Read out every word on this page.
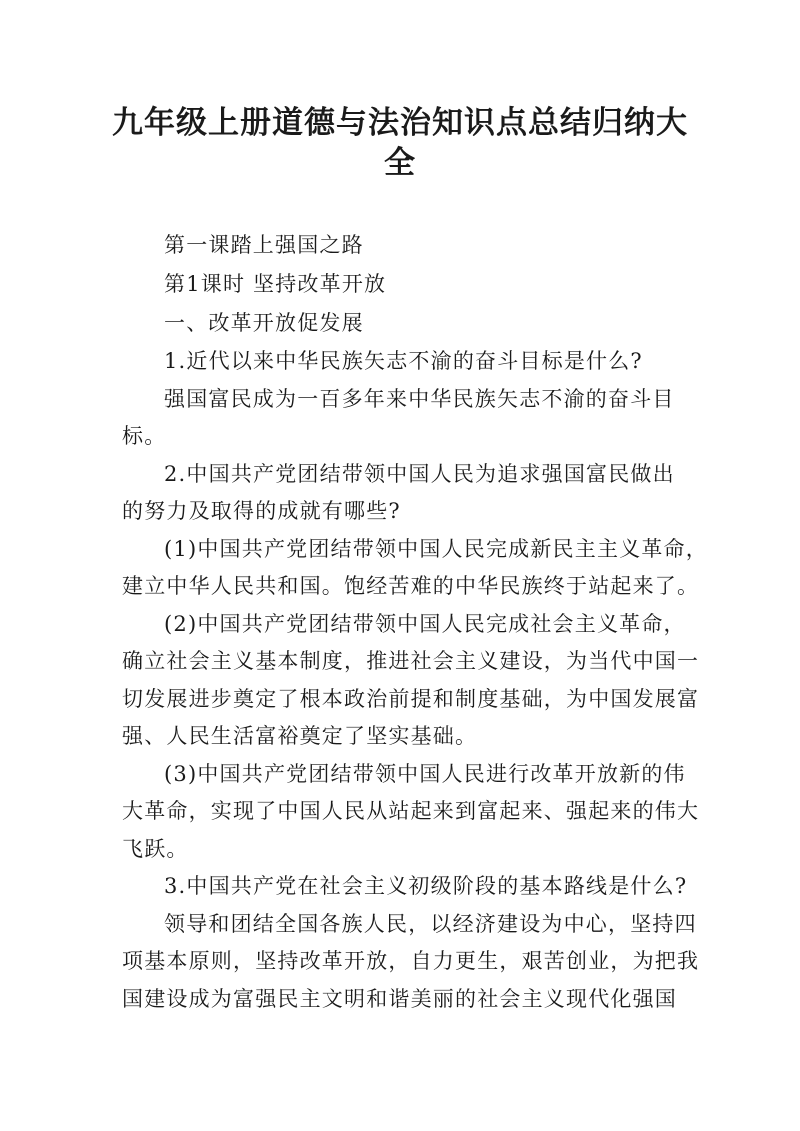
九年级上册道德与法治知识点总结归纳大
全
第一课踏上强国之路
第1课时 坚持改革开放
一、改革开放促发展
1.近代以来中华民族矢志不渝的奋斗目标是什么?
强国富民成为一百多年来中华民族矢志不渝的奋斗目
标。
2.中国共产党团结带领中国人民为追求强国富民做出
的努力及取得的成就有哪些?
(1)中国共产党团结带领中国人民完成新民主主义革命，
建立中华人民共和国。饱经苦难的中华民族终于站起来了。
(2)中国共产党团结带领中国人民完成社会主义革命，
确立社会主义基本制度，推进社会主义建设，为当代中国一
切发展进步奠定了根本政治前提和制度基础，为中国发展富
强、人民生活富裕奠定了坚实基础。
(3)中国共产党团结带领中国人民进行改革开放新的伟
大革命，实现了中国人民从站起来到富起来、强起来的伟大
飞跃。
3.中国共产党在社会主义初级阶段的基本路线是什么?
领导和团结全国各族人民，以经济建设为中心，坚持四
项基本原则，坚持改革开放，自力更生，艰苦创业，为把我
国建设成为富强民主文明和谐美丽的社会主义现代化强国
